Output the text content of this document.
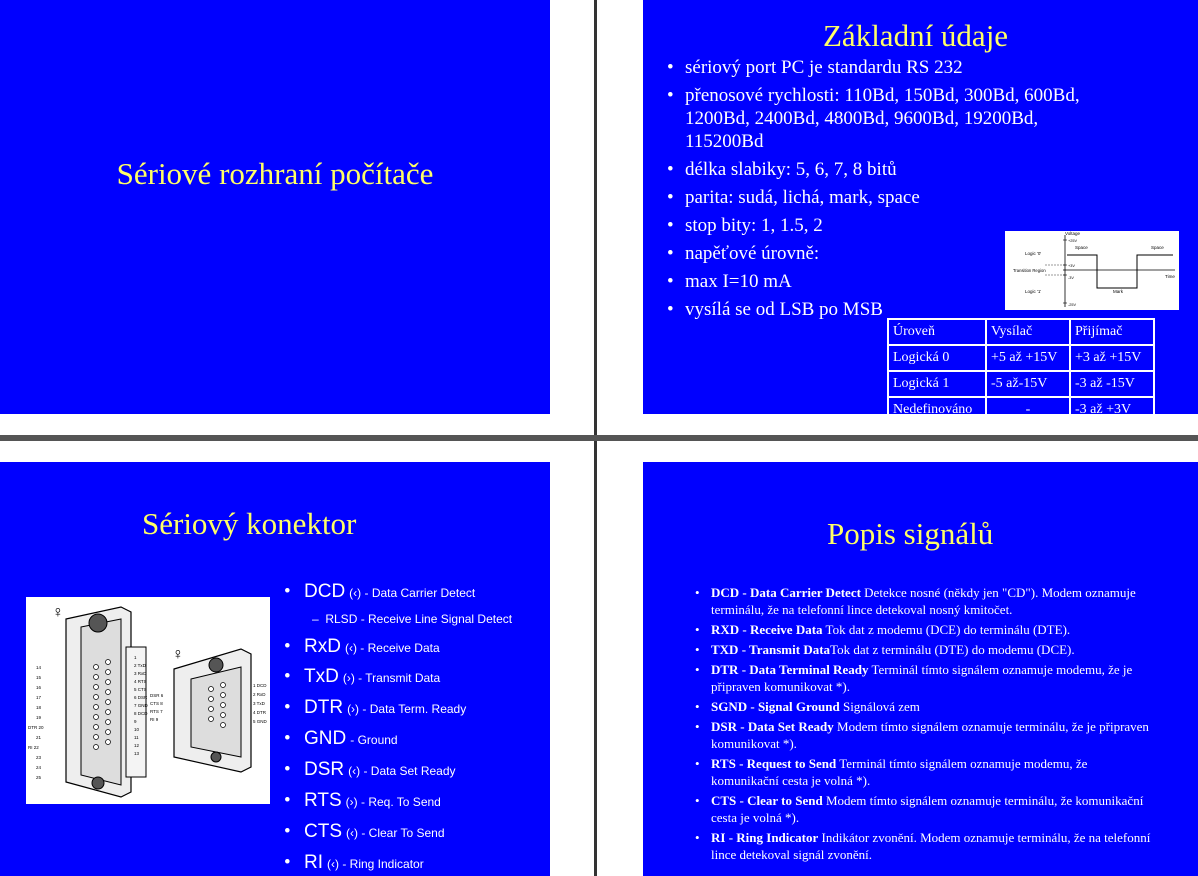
Sériové rozhraní počítače
Základní údaje
• sériový port PC je standardu RS 232
• přenosové rychlosti: 110Bd, 150Bd, 300Bd, 600Bd, 1200Bd, 2400Bd, 4800Bd, 9600Bd, 19200Bd, 115200Bd
• délka slabiky: 5, 6, 7, 8 bitů
• parita: sudá, lichá, mark, space
• stop bity: 1, 1.5, 2
• napěťové úrovně:
• max I=10 mA
• vysílá se od LSB po MSB
Voltage
Time
Logic '0'
Logic '1'
Transition Region
Space	Space
Mark
+25V
+3V
-3V
-25V
Úroveň	Vysílač	Přijímač
Logická 0	+5 až +15V	+3 až +15V
Logická 1	-5 až-15V	-3 až -15V
Nedefinováno	-	-3 až +3V
Sériový konektor
♀
♀
14
15
16
17
18
19
DTR 20
21
RI 22
23
24
25
1
2 TxD
3 RxD
4 RTS
5 CTS
6 DSR
7 GND
8 DCD
9
10
11
12
13
DSR 6
CTS 8
RTS 7
RI 9
1 DCD
2 RxD
3 TxD
4 DTR
5 GND
• DCD (‹) - Data Carrier Detect
–  RLSD - Receive Line Signal Detect
• RxD (‹) - Receive Data
• TxD (›) - Transmit Data
• DTR (›) - Data Term. Ready
• GND - Ground
• DSR (‹) - Data Set Ready
• RTS (›) - Req. To Send
• CTS (‹) - Clear To Send
• RI (‹) - Ring Indicator
Popis signálů
• DCD - Data Carrier Detect Detekce nosné (někdy jen "CD"). Modem oznamuje terminálu, že na telefonní lince detekoval nosný kmitočet.
• RXD - Receive Data Tok dat z modemu (DCE) do terminálu (DTE).
• TXD - Transmit DataTok dat z terminálu (DTE) do modemu (DCE).
• DTR - Data Terminal Ready Terminál tímto signálem oznamuje modemu, že je připraven komunikovat *).
• SGND - Signal Ground Signálová zem
• DSR - Data Set Ready Modem tímto signálem oznamuje terminálu, že je připraven komunikovat *).
• RTS - Request to Send Terminál tímto signálem oznamuje modemu, že komunikační cesta je volná *).
• CTS - Clear to Send Modem tímto signálem oznamuje terminálu, že komunikační cesta je volná *).
• RI - Ring Indicator Indikátor zvonění. Modem oznamuje terminálu, že na telefonní lince detekoval signál zvonění.
